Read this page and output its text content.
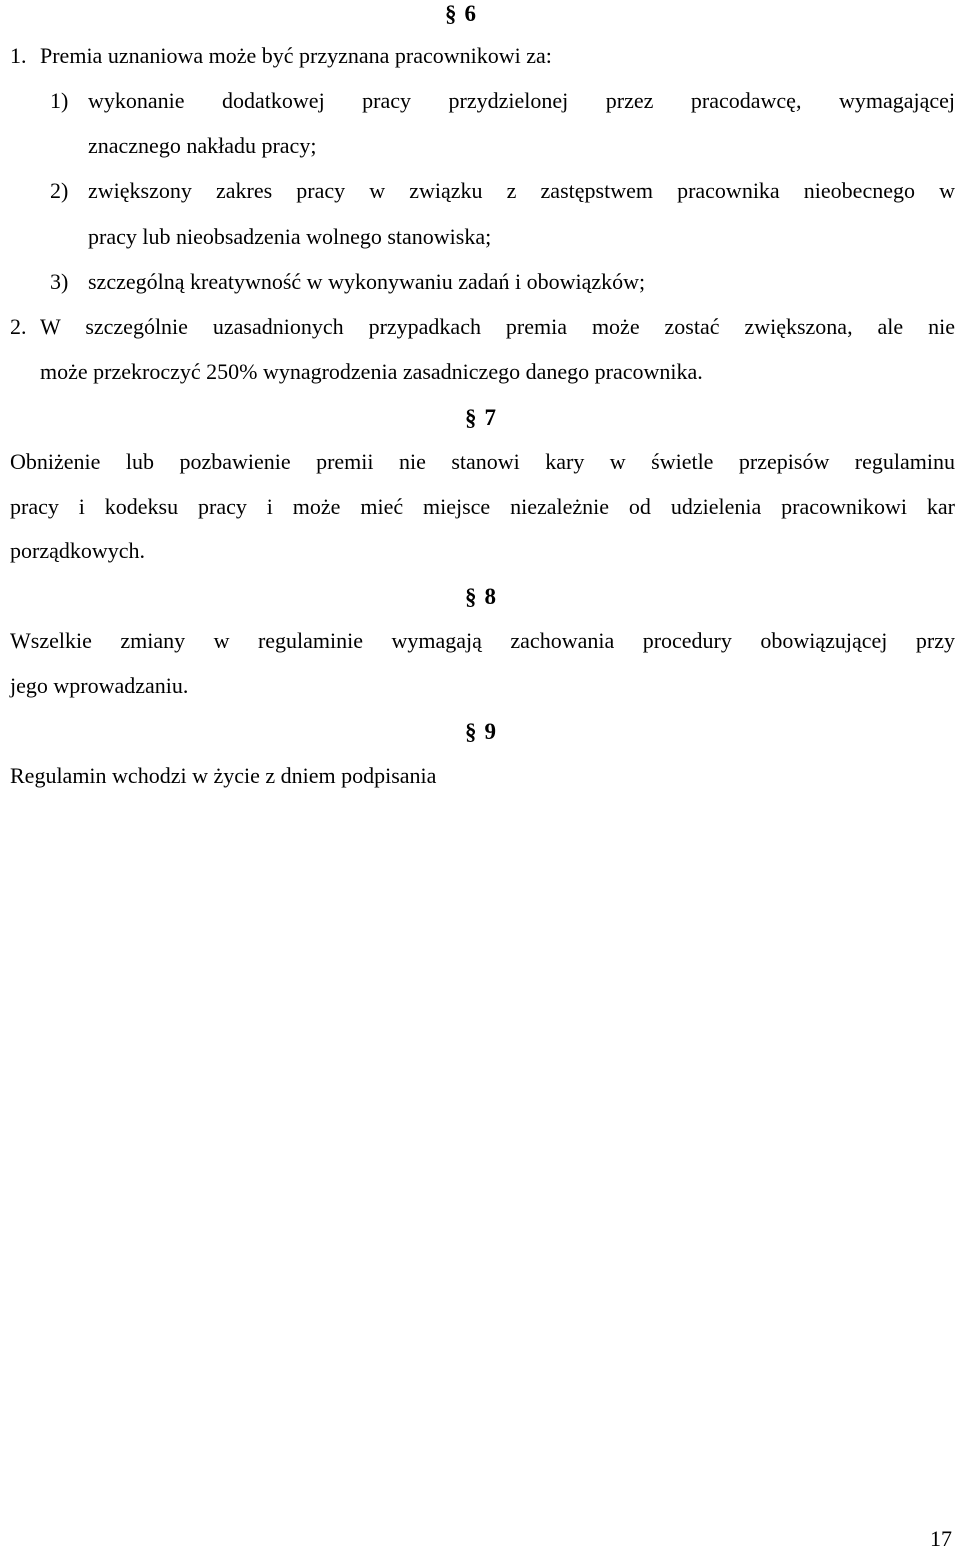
§ 6
1. Premia uznaniowa może być przyznana pracownikowi za:
1) wykonanie dodatkowej pracy przydzielonej przez pracodawcę, wymagającej
znacznego nakładu pracy;
2) zwiększony zakres pracy w związku z zastępstwem pracownika nieobecnego w
pracy lub nieobsadzenia wolnego stanowiska;
3) szczególną kreatywność w wykonywaniu zadań i obowiązków;
2. W szczególnie uzasadnionych przypadkach premia może zostać zwiększona, ale nie
może przekroczyć 250% wynagrodzenia zasadniczego danego pracownika.
§ 7
Obniżenie lub pozbawienie premii nie stanowi kary w świetle przepisów regulaminu
pracy i kodeksu pracy i może mieć miejsce niezależnie od udzielenia pracownikowi kar
porządkowych.
§ 8
Wszelkie zmiany w regulaminie wymagają zachowania procedury obowiązującej przy
jego wprowadzaniu.
§ 9
Regulamin wchodzi w życie z dniem podpisania
17
